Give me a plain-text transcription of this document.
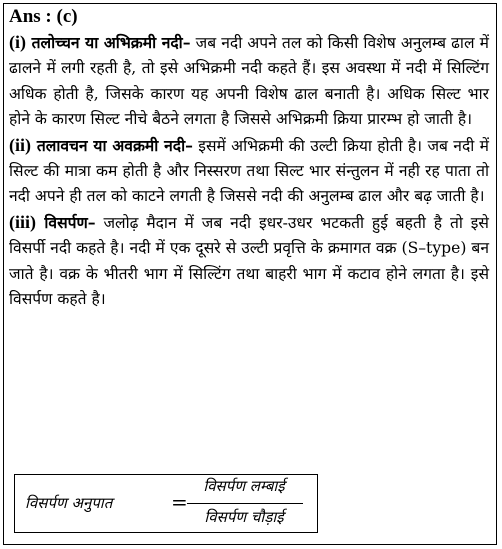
Ans : (c)

(i) तलोच्चन या अभिक्रमी नदी– जब नदी अपने तल को किसी विशेष अनुलम्ब ढाल में ढालने में लगी रहती है, तो इसे अभिक्रमी नदी कहते हैं। इस अवस्था में नदी में सिल्टिंग अधिक होती है, जिसके कारण यह अपनी विशेष ढाल बनाती है। अधिक सिल्ट भार होने के कारण सिल्ट नीचे बैठने लगता है जिससे अभिक्रमी क्रिया प्रारम्भ हो जाती है।

(ii) तलावचन या अवक्रमी नदी– इसमें अभिक्रमी की उल्टी क्रिया होती है। जब नदी में सिल्ट की मात्रा कम होती है और निस्सरण तथा सिल्ट भार संन्तुलन में नही रह पाता तो नदी अपने ही तल को काटने लगती है जिससे नदी की अनुलम्ब ढाल और बढ़ जाती है।

(iii) विसर्पण– जलोढ़ मैदान में जब नदी इधर-उधर भटकती हुई बहती है तो इसे विसर्पी नदी कहते है। नदी में एक दूसरे से उल्टी प्रवृत्ति के क्रमागत वक्र (S–type) बन जाते है। वक्र के भीतरी भाग में सिल्टिंग तथा बाहरी भाग में कटाव होने लगता है। इसे विसर्पण कहते है।

विसर्पण अनुपात	=
विसर्पण लम्बाई
विसर्पण चौड़ाई
